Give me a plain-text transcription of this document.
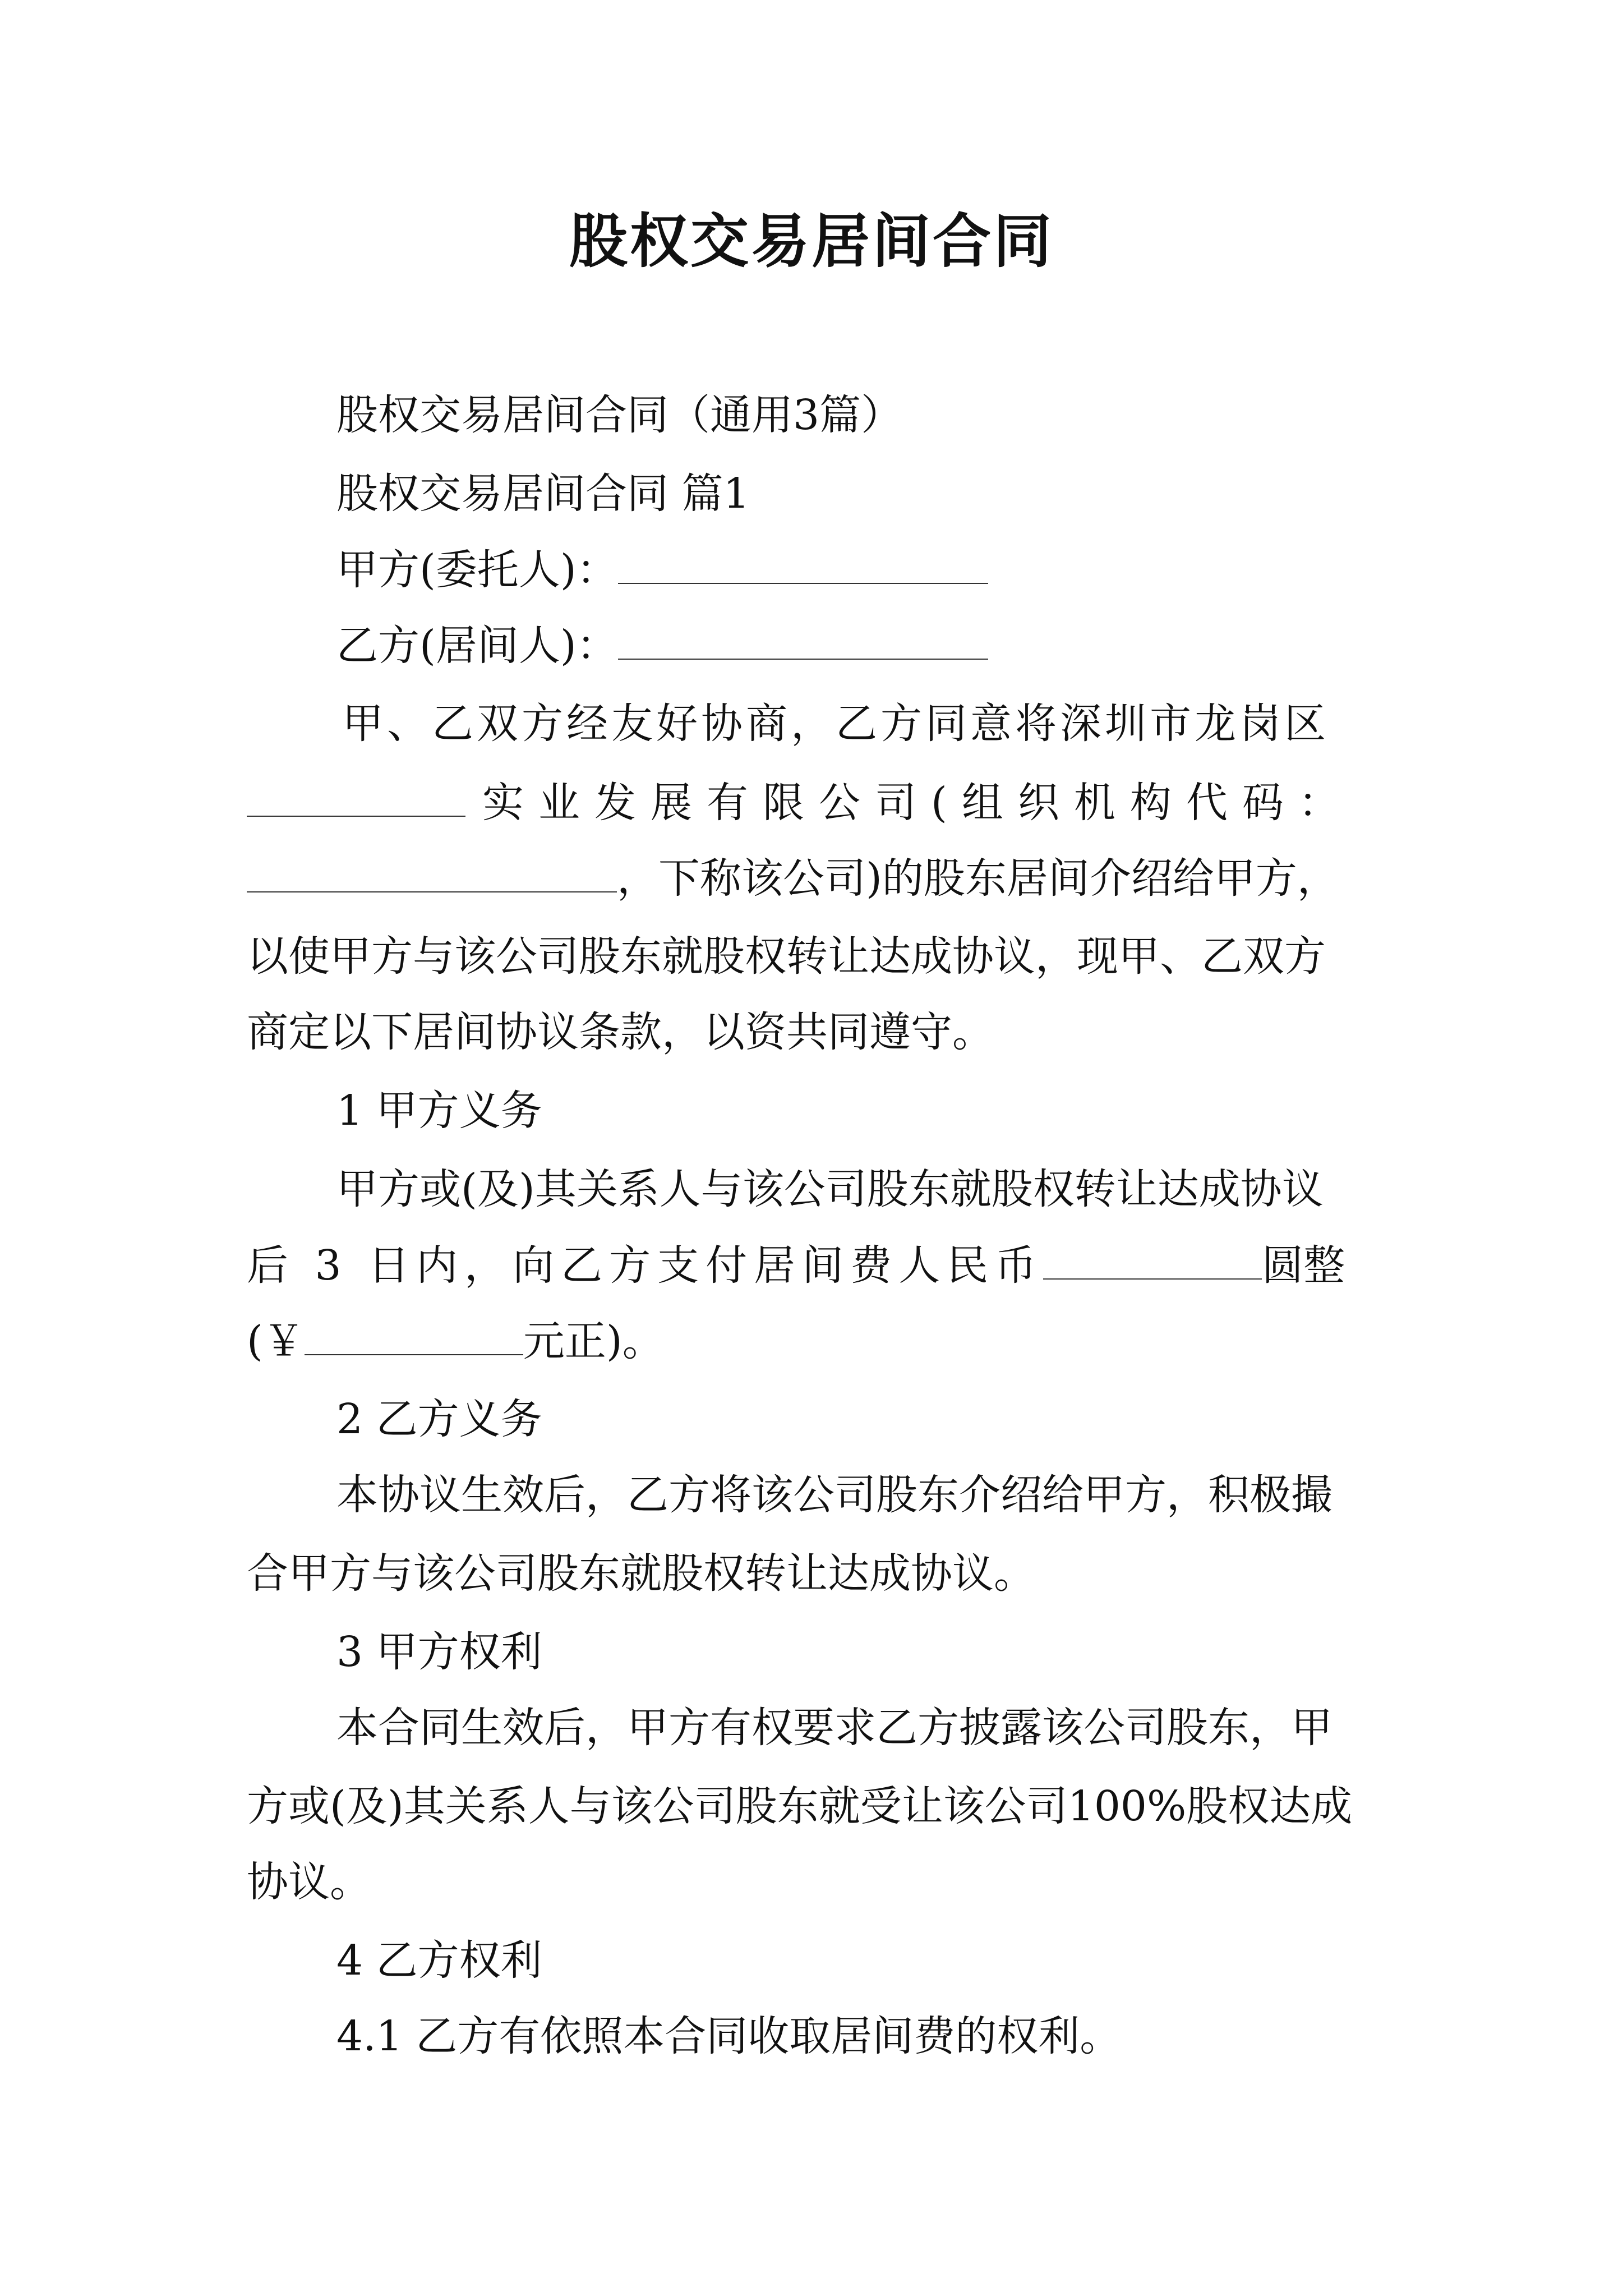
股权交易居间合同
股权交易居间合同（通用3篇）
股权交易居间合同 篇1
甲方(委托人)：
乙方(居间人)：
甲、乙双方经友好协商，乙方同意将深圳市龙岗区
实业发展有限公司(组织机构代码：
，下称该公司)的股东居间介绍给甲方，
以使甲方与该公司股东就股权转让达成协议，现甲、乙双方
商定以下居间协议条款，以资共同遵守。
1 甲方义务
甲方或(及)其关系人与该公司股东就股权转让达成协议
后 3 日内，向乙方支付居间费人民币	圆整
(￥	元正)。
2 乙方义务
本协议生效后，乙方将该公司股东介绍给甲方，积极撮
合甲方与该公司股东就股权转让达成协议。
3 甲方权利
本合同生效后，甲方有权要求乙方披露该公司股东，甲
方或(及)其关系人与该公司股东就受让该公司100%股权达成
协议。
4 乙方权利
4.1 乙方有依照本合同收取居间费的权利。
